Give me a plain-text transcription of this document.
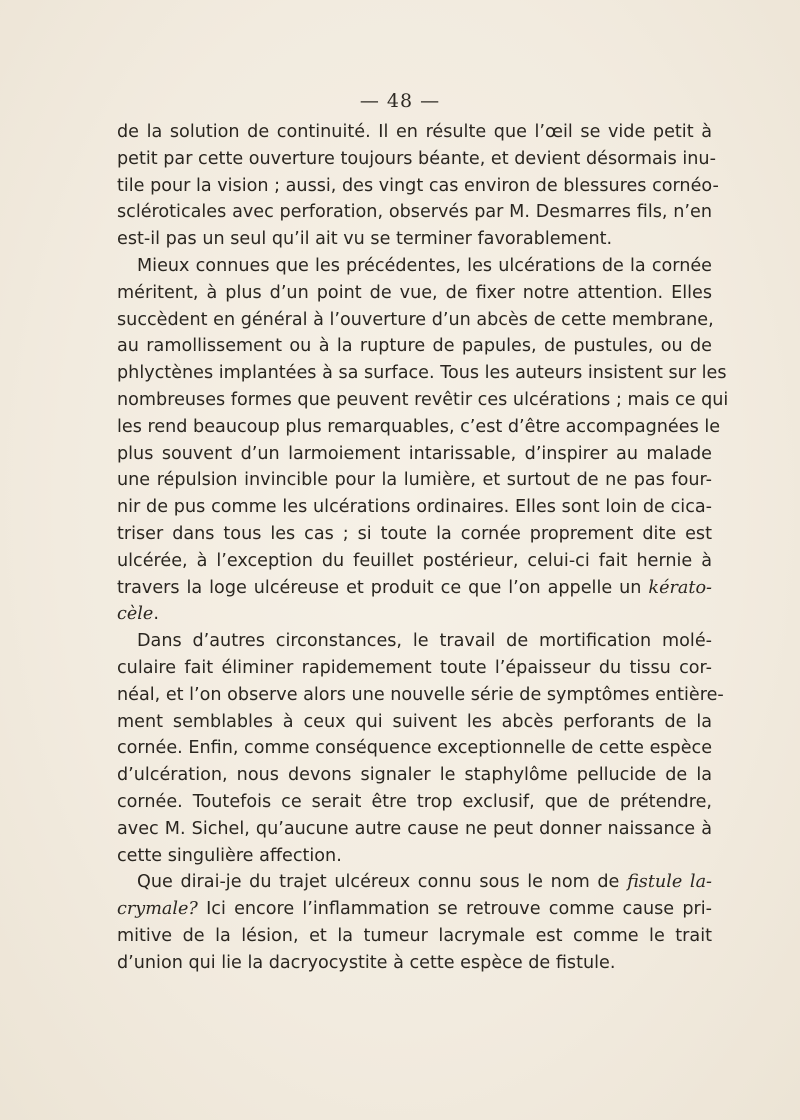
— 48 —
de la solution de continuité. Il en résulte que l’œil se vide petit à
petit par cette ouverture toujours béante, et devient désormais inu-
tile pour la vision ; aussi, des vingt cas environ de blessures cornéo-
scléroticales avec perforation, observés par M. Desmarres fils, n’en
est-il pas un seul qu’il ait vu se terminer favorablement.
Mieux connues que les précédentes, les ulcérations de la cornée
méritent, à plus d’un point de vue, de fixer notre attention. Elles
succèdent en général à l’ouverture d’un abcès de cette membrane,
au ramollissement ou à la rupture de papules, de pustules, ou de
phlyctènes implantées à sa surface. Tous les auteurs insistent sur les
nombreuses formes que peuvent revêtir ces ulcérations ; mais ce qui
les rend beaucoup plus remarquables, c’est d’être accompagnées le
plus souvent d’un larmoiement intarissable, d’inspirer au malade
une répulsion invincible pour la lumière, et surtout de ne pas four-
nir de pus comme les ulcérations ordinaires. Elles sont loin de cica-
triser dans tous les cas ; si toute la cornée proprement dite est
ulcérée, à l’exception du feuillet postérieur, celui-ci fait hernie à
travers la loge ulcéreuse et produit ce que l’on appelle un kérato-
cèle.
Dans d’autres circonstances, le travail de mortification molé-
culaire fait éliminer rapidemement toute l’épaisseur du tissu cor-
néal, et l’on observe alors une nouvelle série de symptômes entière-
ment semblables à ceux qui suivent les abcès perforants de la
cornée. Enfin, comme conséquence exceptionnelle de cette espèce
d’ulcération, nous devons signaler le staphylôme pellucide de la
cornée. Toutefois ce serait être trop exclusif, que de prétendre,
avec M. Sichel, qu’aucune autre cause ne peut donner naissance à
cette singulière affection.
Que dirai-je du trajet ulcéreux connu sous le nom de fistule la-
crymale? Ici encore l’inflammation se retrouve comme cause pri-
mitive de la lésion, et la tumeur lacrymale est comme le trait
d’union qui lie la dacryocystite à cette espèce de fistule.
